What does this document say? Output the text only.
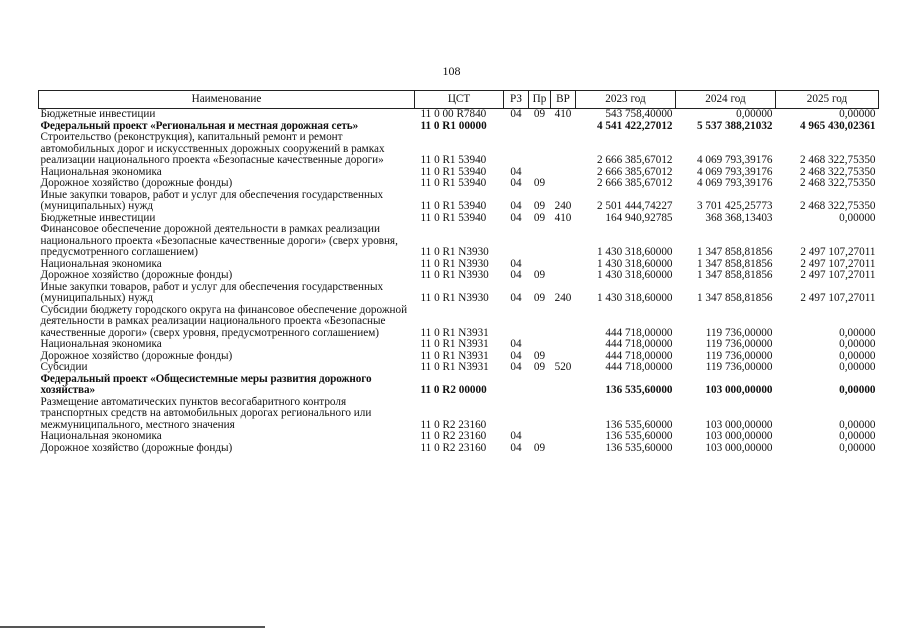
108
Наименование	ЦСТ	РЗ	Пр	ВР	2023 год	2024 год	2025 год
Бюджетные инвестиции	11 0 00 R7840	04	09	410	543 758,40000	0,00000	0,00000
Федеральный проект «Региональная и местная дорожная сеть»	11 0 R1 00000				4 541 422,27012	5 537 388,21032	4 965 430,02361
Строительство (реконструкция), капитальный ремонт и ремонт автомобильных дорог и искусственных дорожных сооружений в рамках реализации национального проекта «Безопасные качественные дороги»	11 0 R1 53940				2 666 385,67012	4 069 793,39176	2 468 322,75350
Национальная экономика	11 0 R1 53940	04			2 666 385,67012	4 069 793,39176	2 468 322,75350
Дорожное хозяйство (дорожные фонды)	11 0 R1 53940	04	09		2 666 385,67012	4 069 793,39176	2 468 322,75350
Иные закупки товаров, работ и услуг для обеспечения государственных (муниципальных) нужд	11 0 R1 53940	04	09	240	2 501 444,74227	3 701 425,25773	2 468 322,75350
Бюджетные инвестиции	11 0 R1 53940	04	09	410	164 940,92785	368 368,13403	0,00000
Финансовое обеспечение дорожной деятельности в рамках реализации национального проекта «Безопасные качественные дороги» (сверх уровня, предусмотренного соглашением)	11 0 R1 N3930				1 430 318,60000	1 347 858,81856	2 497 107,27011
Национальная экономика	11 0 R1 N3930	04			1 430 318,60000	1 347 858,81856	2 497 107,27011
Дорожное хозяйство (дорожные фонды)	11 0 R1 N3930	04	09		1 430 318,60000	1 347 858,81856	2 497 107,27011
Иные закупки товаров, работ и услуг для обеспечения государственных (муниципальных) нужд	11 0 R1 N3930	04	09	240	1 430 318,60000	1 347 858,81856	2 497 107,27011
Субсидии бюджету городского округа на финансовое обеспечение дорожной деятельности в рамках реализации национального проекта «Безопасные качественные дороги» (сверх уровня, предусмотренного соглашением)	11 0 R1 N3931				444 718,00000	119 736,00000	0,00000
Национальная экономика	11 0 R1 N3931	04			444 718,00000	119 736,00000	0,00000
Дорожное хозяйство (дорожные фонды)	11 0 R1 N3931	04	09		444 718,00000	119 736,00000	0,00000
Субсидии	11 0 R1 N3931	04	09	520	444 718,00000	119 736,00000	0,00000
Федеральный проект «Общесистемные меры развития дорожного хозяйства»	11 0 R2 00000				136 535,60000	103 000,00000	0,00000
Размещение автоматических пунктов весогабаритного контроля транспортных средств на автомобильных дорогах регионального или межмуниципального, местного значения	11 0 R2 23160				136 535,60000	103 000,00000	0,00000
Национальная экономика	11 0 R2 23160	04			136 535,60000	103 000,00000	0,00000
Дорожное хозяйство (дорожные фонды)	11 0 R2 23160	04	09		136 535,60000	103 000,00000	0,00000
